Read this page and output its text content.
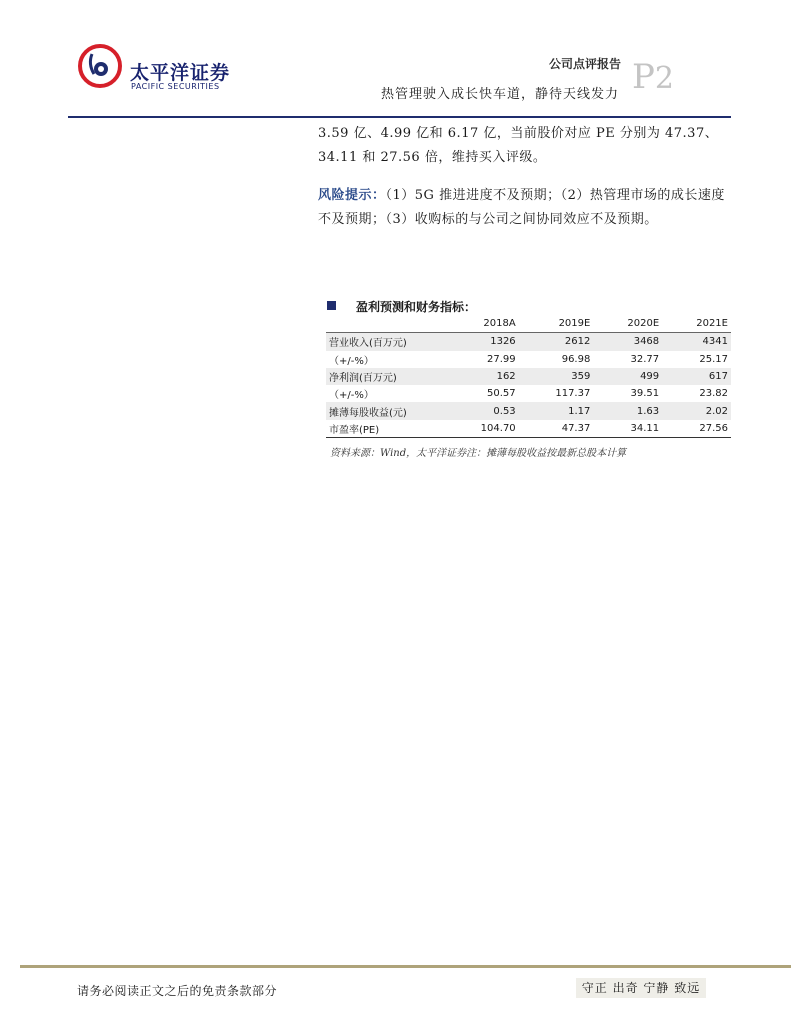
太平洋证券
PACIFIC SECURITIES
公司点评报告
热管理驶入成长快车道，静待天线发力 P2
3.59 亿、4.99 亿和 6.17 亿，当前股价对应 PE 分别为 47.37、34.11 和 27.56 倍，维持买入评级。
风险提示：（1）5G 推进进度不及预期；（2）热管理市场的成长速度不及预期；（3）收购标的与公司之间协同效应不及预期。
盈利预测和财务指标：
	2018A	2019E	2020E	2021E
营业收入(百万元)	1326	2612	3468	4341
（+/-%）	27.99	96.98	32.77	25.17
净利润(百万元)	162	359	499	617
（+/-%）	50.57	117.37	39.51	23.82
摊薄每股收益(元)	0.53	1.17	1.63	2.02
市盈率(PE)	104.70	47.37	34.11	27.56
资料来源：Wind，太平洋证券注：摊薄每股收益按最新总股本计算
请务必阅读正文之后的免责条款部分	守正 出奇 宁静 致远
